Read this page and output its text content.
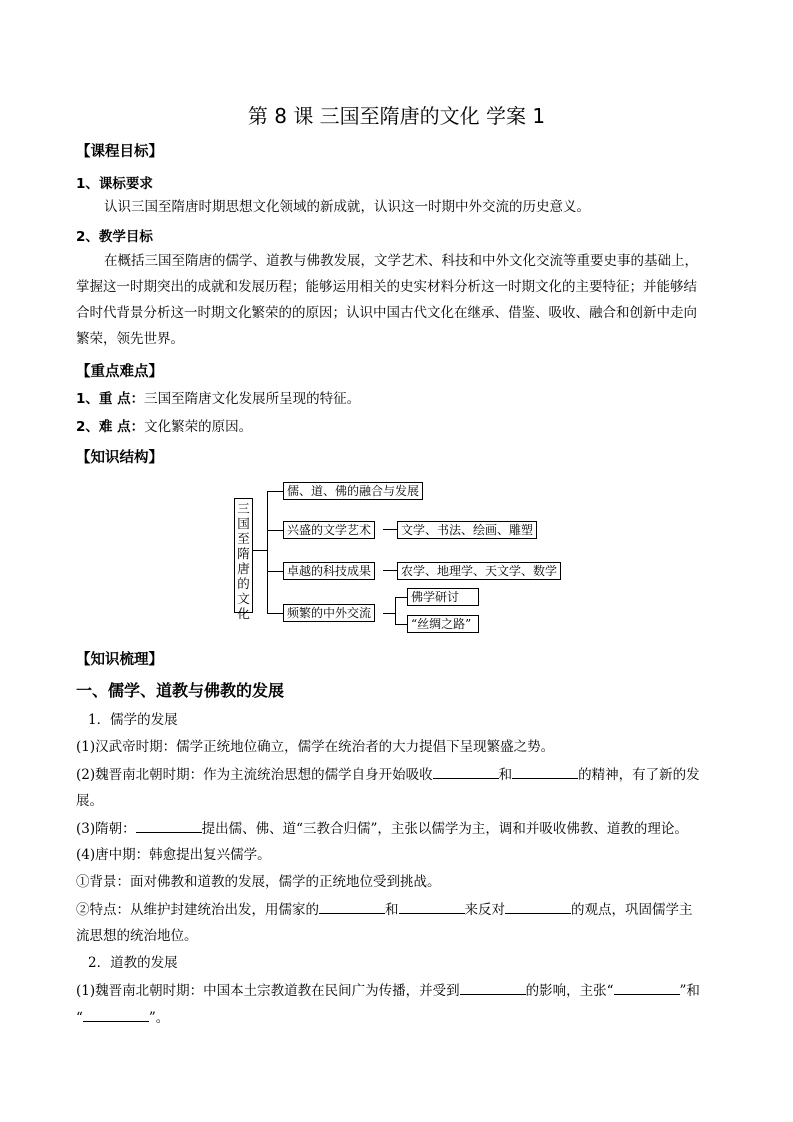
第 8 课 三国至隋唐的文化 学案 1
【课程目标】
1、课标要求
认识三国至隋唐时期思想文化领域的新成就，认识这一时期中外交流的历史意义。
2、教学目标
在概括三国至隋唐的儒学、道教与佛教发展，文学艺术、科技和中外文化交流等重要史事的基础上，
掌握这一时期突出的成就和发展历程；能够运用相关的史实材料分析这一时期文化的主要特征；并能够结
合时代背景分析这一时期文化繁荣的的原因；认识中国古代文化在继承、借鉴、吸收、融合和创新中走向
繁荣，领先世界。
【重点难点】
1、重 点：三国至隋唐文化发展所呈现的特征。
2、难 点：文化繁荣的原因。
【知识结构】
三国至隋唐的文化
儒、道、佛的融合与发展
兴盛的文学艺术	文学、书法、绘画、雕塑
卓越的科技成果	农学、地理学、天文学、数学
频繁的中外交流
佛学研讨
“丝绸之路”
【知识梳理】
一、儒学、道教与佛教的发展
1．儒学的发展
(1)汉武帝时期：儒学正统地位确立，儒学在统治者的大力提倡下呈现繁盛之势。
(2)魏晋南北朝时期：作为主流统治思想的儒学自身开始吸收	和	的精神，有了新的发
展。
(3)隋朝：	提出儒、佛、道“三教合归儒”，主张以儒学为主，调和并吸收佛教、道教的理论。
(4)唐中期：韩愈提出复兴儒学。
①背景：面对佛教和道教的发展，儒学的正统地位受到挑战。
②特点：从维护封建统治出发，用儒家的	和	来反对	的观点，巩固儒学主
流思想的统治地位。
2．道教的发展
(1)魏晋南北朝时期：中国本土宗教道教在民间广为传播，并受到	的影响，主张“	”和
“	”。
